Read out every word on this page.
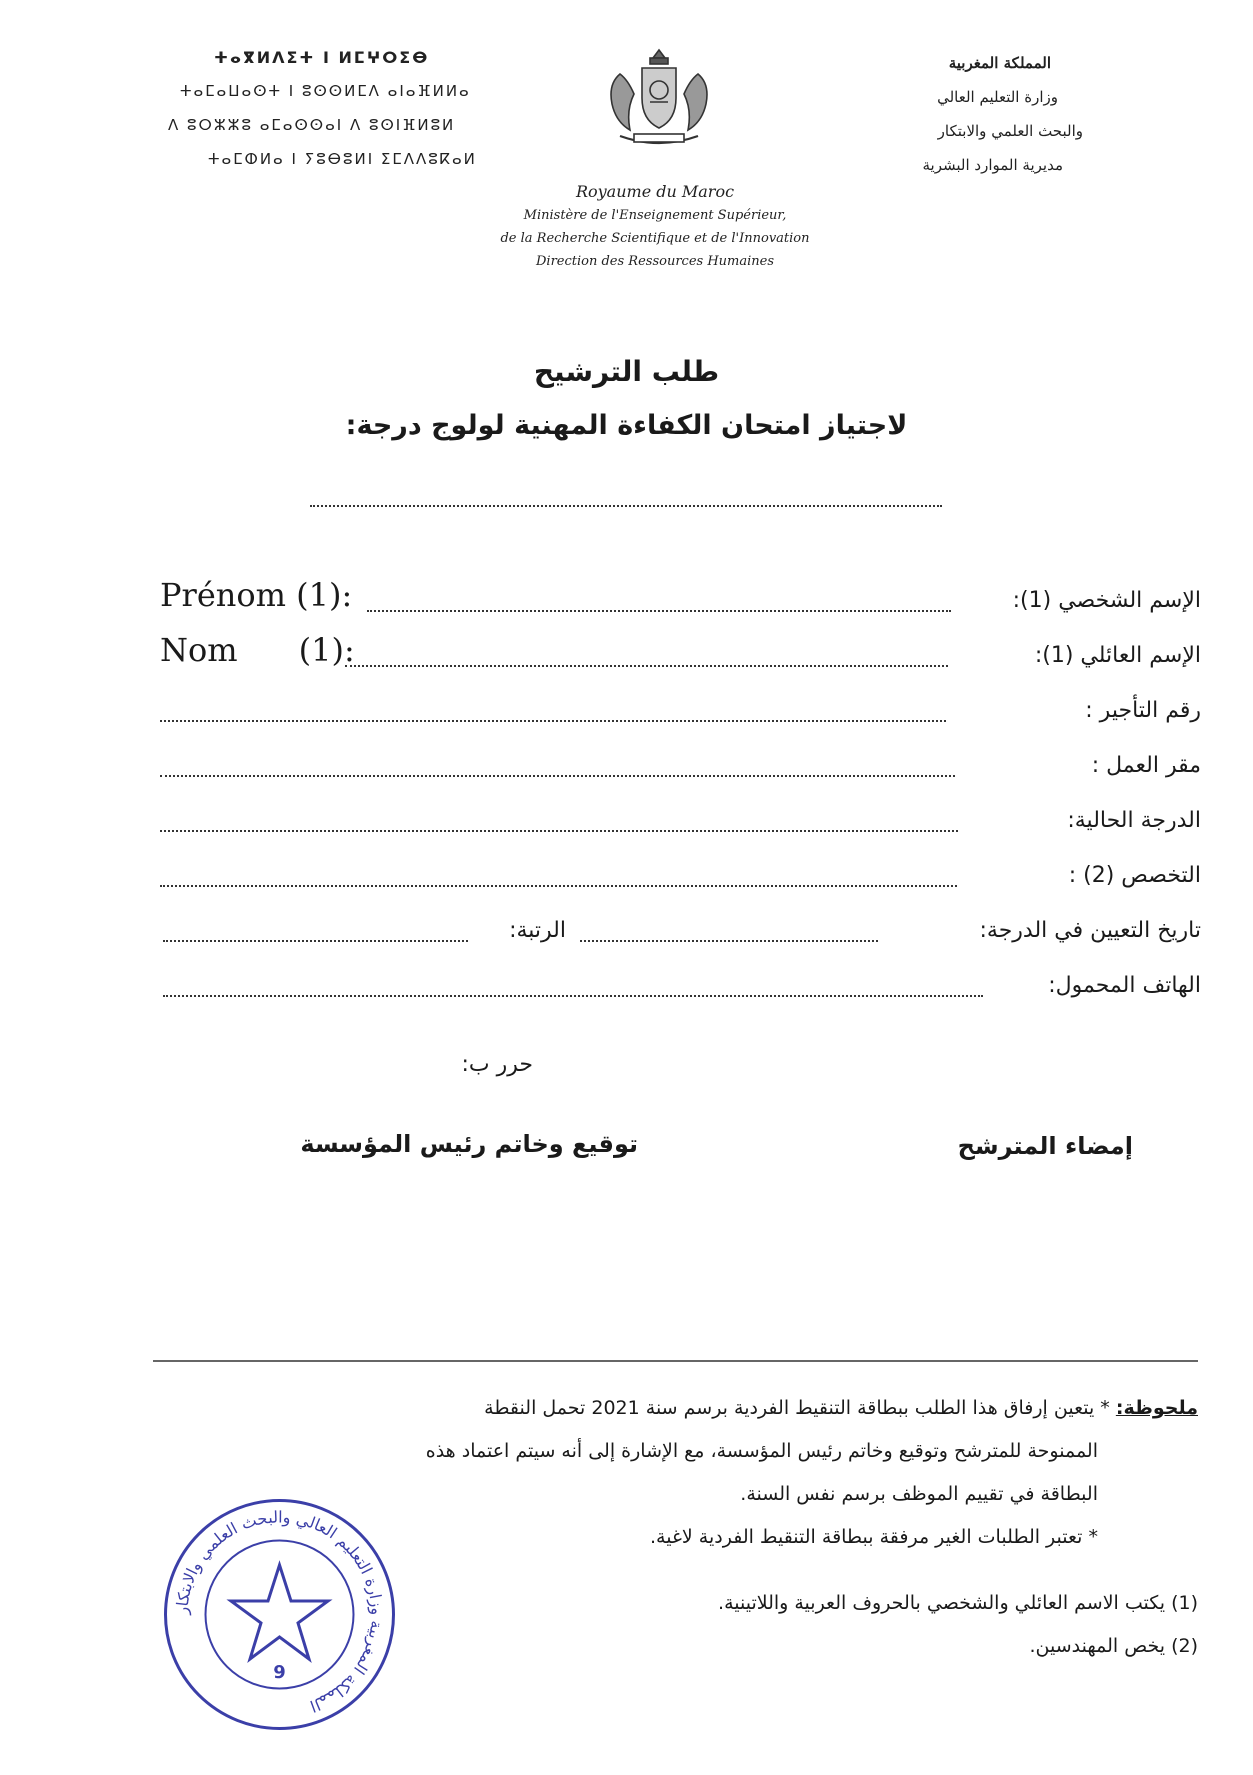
ⵜⴰⴳⵍⴷⵉⵜ ⵏ ⵍⵎⵖⵔⵉⴱ
ⵜⴰⵎⴰⵡⴰⵙⵜ ⵏ ⵓⵙⵙⵍⵎⴷ ⴰⵏⴰⴼⵍⵍⴰ
ⴷ ⵓⵔⵣⵣⵓ ⴰⵎⴰⵙⵙⴰⵏ ⴷ ⵓⵙⵏⴼⵍⵓⵍ
ⵜⴰⵎⵀⵍⴰ ⵏ ⵢⵓⴱⵓⵍⵏ ⵉⵎⴷⴷⵓⴽⴰⵍ
المملكة المغربية
وزارة التعليم العالي
والبحث العلمي والابتكار
مديرية الموارد البشرية
Royaume du Maroc
Ministère de l'Enseignement Supérieur,
de la Recherche Scientifique et de l'Innovation
Direction des Ressources Humaines
طلب الترشيح
لاجتياز امتحان الكفاءة المهنية لولوج درجة:
الإسم الشخصي (1):
Prénom (1):
الإسم العائلي (1):
Nom      (1):
رقم التأجير :
مقر العمل :
الدرجة الحالية:
التخصص (2) :
تاريخ التعيين في الدرجة:
الرتبة:
الهاتف المحمول:
حرر ب:
إمضاء المترشح
توقيع وخاتم رئيس المؤسسة
ملحوظة: * يتعين إرفاق هذا الطلب ببطاقة التنقيط الفردية برسم سنة 2021 تحمل النقطة
الممنوحة للمترشح وتوقيع وخاتم رئيس المؤسسة، مع الإشارة إلى أنه سيتم اعتماد هذه
البطاقة في تقييم الموظف برسم نفس السنة.
* تعتبر الطلبات الغير مرفقة ببطاقة التنقيط الفردية لاغية.
(1) يكتب الاسم العائلي والشخصي بالحروف العربية واللاتينية.
(2) يخص المهندسين.
المملكة المغربية وزارة التعليم العالي والبحث العلمي والابتكار
9
